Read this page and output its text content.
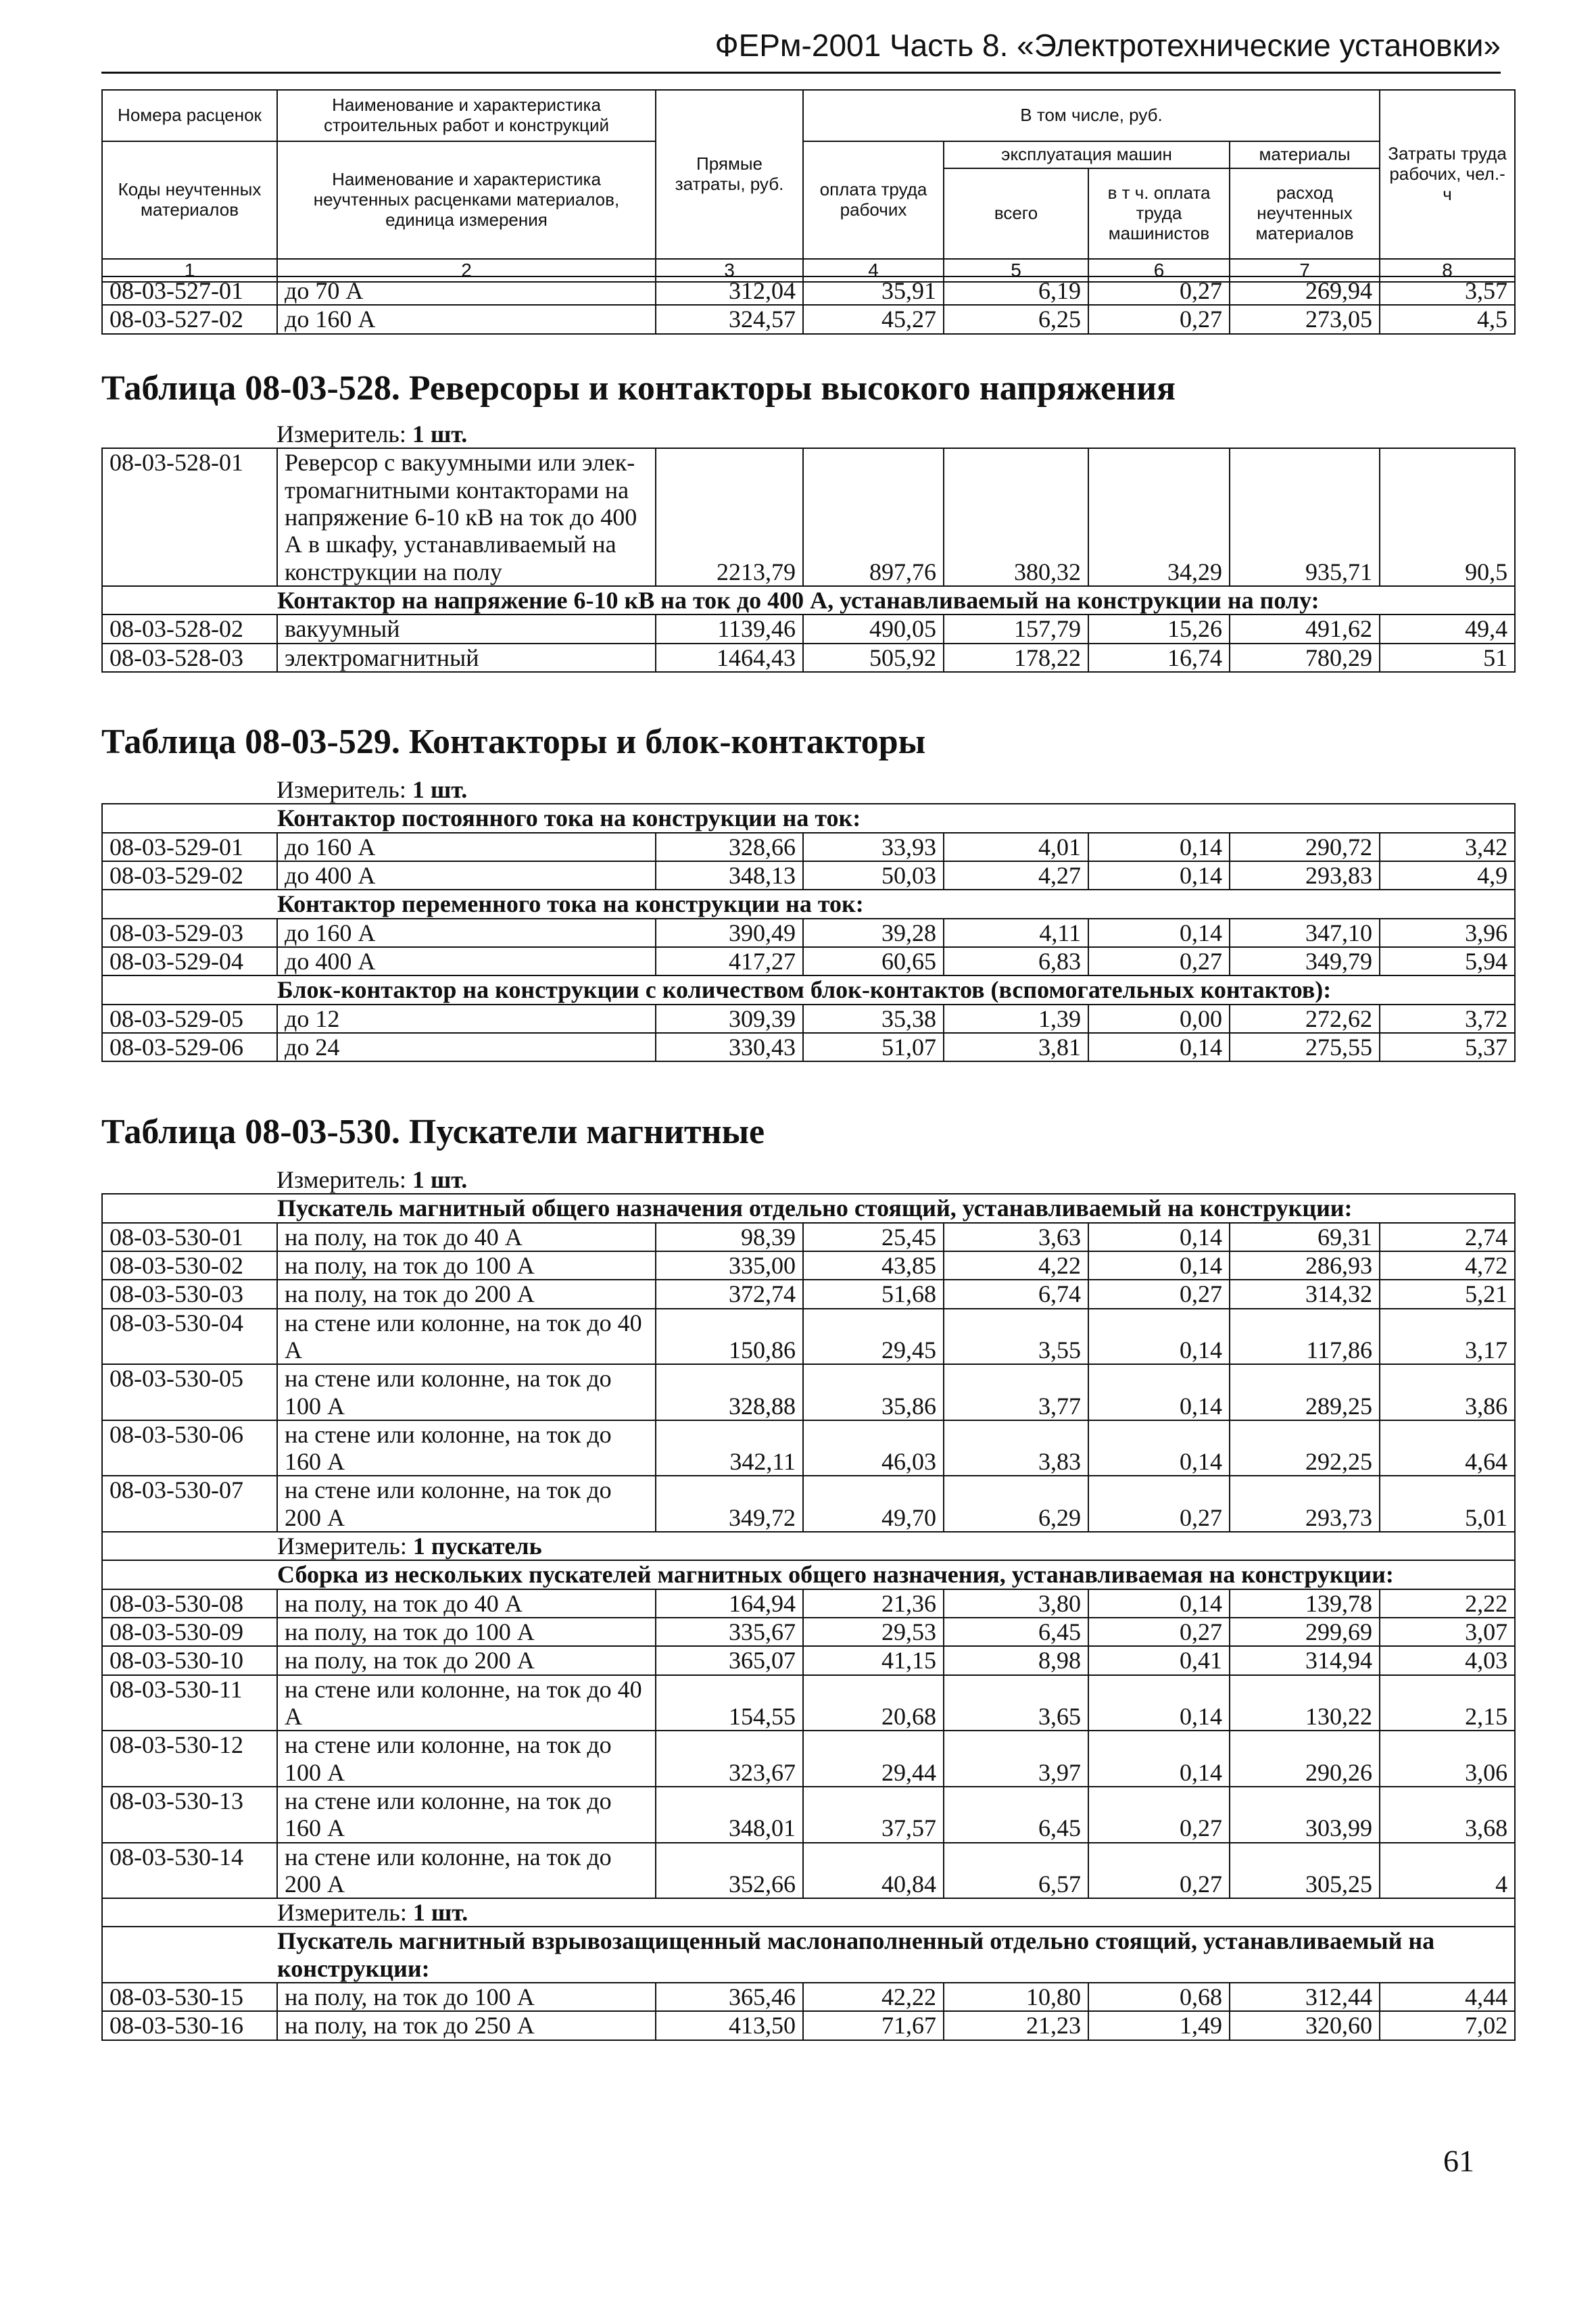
ФЕРм-2001 Часть 8. «Электротехнические установки»
Номера расценок	Наименование и характеристика строительных работ и конструкций	Прямые затраты, руб.	В том числе, руб.				Затраты труда рабочих, чел.-ч
Коды неучтенных материалов	Наименование и характеристика неучтенных расценками материалов, единица измерения		оплата труда рабочих	эксплуатация машин		материалы	
				всего	в т ч. оплата труда машинистов	расход неучтенных материалов	
1	2	3	4	5	6	7	8
08-03-527-01	до 70 А	312,04	35,91	6,19	0,27	269,94	3,57
08-03-527-02	до 160 А	324,57	45,27	6,25	0,27	273,05	4,5
Таблица 08-03-528. Реверсоры и контакторы высокого напряжения
Измеритель: 1 шт.							
08-03-528-01	Реверсор с вакуумными или элек- тромагнитными контакторами на напряжение 6-10 кВ на ток до 400 А в шкафу, устанавливаемый на конструкции на полу	2213,79	897,76	380,32	34,29	935,71	90,5
Контактор на напряжение 6-10 кВ на ток до 400 А, устанавливаемый на конструкции на полу:							
08-03-528-02	вакуумный	1139,46	490,05	157,79	15,26	491,62	49,4
08-03-528-03	электромагнитный	1464,43	505,92	178,22	16,74	780,29	51
Таблица 08-03-529. Контакторы и блок-контакторы
Измеритель: 1 шт.							
Контактор постоянного тока на конструкции на ток:							
08-03-529-01	до 160 А	328,66	33,93	4,01	0,14	290,72	3,42
08-03-529-02	до 400 А	348,13	50,03	4,27	0,14	293,83	4,9
Контактор переменного тока на конструкции на ток:							
08-03-529-03	до 160 А	390,49	39,28	4,11	0,14	347,10	3,96
08-03-529-04	до 400 А	417,27	60,65	6,83	0,27	349,79	5,94
Блок-контактор на конструкции с количеством блок-контактов (вспомогательных контактов):							
08-03-529-05	до 12	309,39	35,38	1,39	0,00	272,62	3,72
08-03-529-06	до 24	330,43	51,07	3,81	0,14	275,55	5,37
Таблица 08-03-530. Пускатели магнитные
Измеритель: 1 шт.							
Пускатель магнитный общего назначения отдельно стоящий, устанавливаемый на конструкции:							
08-03-530-01	на полу, на ток до 40 А	98,39	25,45	3,63	0,14	69,31	2,74
08-03-530-02	на полу, на ток до 100 А	335,00	43,85	4,22	0,14	286,93	4,72
08-03-530-03	на полу, на ток до 200 А	372,74	51,68	6,74	0,27	314,32	5,21
08-03-530-04	на стене или колонне, на ток до 40 А	150,86	29,45	3,55	0,14	117,86	3,17
08-03-530-05	на стене или колонне, на ток до 100 А	328,88	35,86	3,77	0,14	289,25	3,86
08-03-530-06	на стене или колонне, на ток до 160 А	342,11	46,03	3,83	0,14	292,25	4,64
08-03-530-07	на стене или колонне, на ток до 200 А	349,72	49,70	6,29	0,27	293,73	5,01
Измеритель: 1 пускатель							
Сборка из нескольких пускателей магнитных общего назначения, устанавливаемая на конструкции:							
08-03-530-08	на полу, на ток до 40 А	164,94	21,36	3,80	0,14	139,78	2,22
08-03-530-09	на полу, на ток до 100 А	335,67	29,53	6,45	0,27	299,69	3,07
08-03-530-10	на полу, на ток до 200 А	365,07	41,15	8,98	0,41	314,94	4,03
08-03-530-11	на стене или колонне, на ток до 40 А	154,55	20,68	3,65	0,14	130,22	2,15
08-03-530-12	на стене или колонне, на ток до 100 А	323,67	29,44	3,97	0,14	290,26	3,06
08-03-530-13	на стене или колонне, на ток до 160 А	348,01	37,57	6,45	0,27	303,99	3,68
08-03-530-14	на стене или колонне, на ток до 200 А	352,66	40,84	6,57	0,27	305,25	4
Измеритель: 1 шт.							
Пускатель магнитный взрывозащищенный маслонаполненный отдельно стоящий, устанавливаемый на конструкции:							
08-03-530-15	на полу, на ток до 100 А	365,46	42,22	10,80	0,68	312,44	4,44
08-03-530-16	на полу, на ток до 250 А	413,50	71,67	21,23	1,49	320,60	7,02
61
